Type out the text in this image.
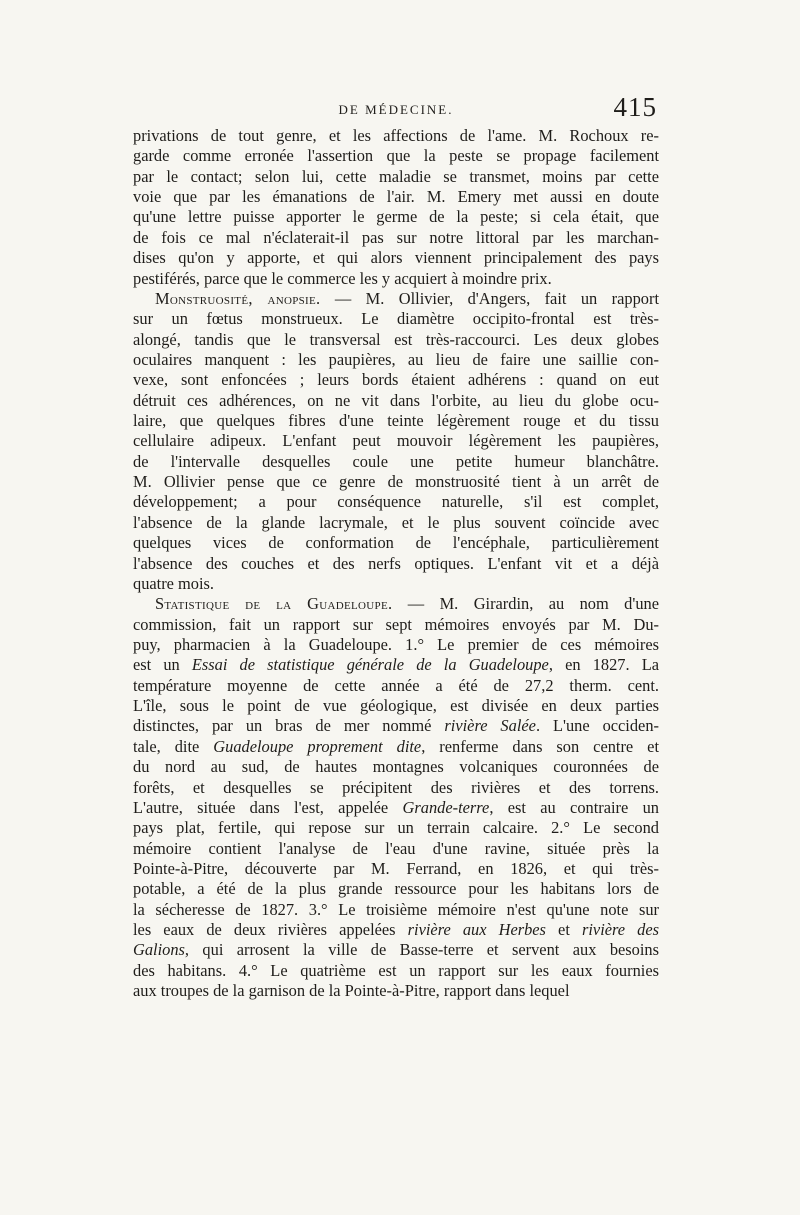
DE MÉDECINE.	415
privations de tout genre, et les affections de l'ame. M. Rochoux re-
garde comme erronée l'assertion que la peste se propage facilement
par le contact; selon lui, cette maladie se transmet, moins par cette
voie que par les émanations de l'air. M. Emery met aussi en doute
qu'une lettre puisse apporter le germe de la peste; si cela était, que
de fois ce mal n'éclaterait-il pas sur notre littoral par les marchan-
dises qu'on y apporte, et qui alors viennent principalement des pays
pestiférés, parce que le commerce les y acquiert à moindre prix.
Monstruosité, anopsie. — M. Ollivier, d'Angers, fait un rapport
sur un fœtus monstrueux. Le diamètre occipito-frontal est très-
alongé, tandis que le transversal est très-raccourci. Les deux globes
oculaires manquent : les paupières, au lieu de faire une saillie con-
vexe, sont enfoncées ; leurs bords étaient adhérens : quand on eut
détruit ces adhérences, on ne vit dans l'orbite, au lieu du globe ocu-
laire, que quelques fibres d'une teinte légèrement rouge et du tissu
cellulaire adipeux. L'enfant peut mouvoir légèrement les paupières,
de l'intervalle desquelles coule une petite humeur blanchâtre.
M. Ollivier pense que ce genre de monstruosité tient à un arrêt de
développement; a pour conséquence naturelle, s'il est complet,
l'absence de la glande lacrymale, et le plus souvent coïncide avec
quelques vices de conformation de l'encéphale, particulièrement
l'absence des couches et des nerfs optiques. L'enfant vit et a déjà
quatre mois.
Statistique de la Guadeloupe. — M. Girardin, au nom d'une
commission, fait un rapport sur sept mémoires envoyés par M. Du-
puy, pharmacien à la Guadeloupe. 1.° Le premier de ces mémoires
est un Essai de statistique générale de la Guadeloupe, en 1827. La
température moyenne de cette année a été de 27,2 therm. cent.
L'île, sous le point de vue géologique, est divisée en deux parties
distinctes, par un bras de mer nommé rivière Salée. L'une occiden-
tale, dite Guadeloupe proprement dite, renferme dans son centre et
du nord au sud, de hautes montagnes volcaniques couronnées de
forêts, et desquelles se précipitent des rivières et des torrens.
L'autre, située dans l'est, appelée Grande-terre, est au contraire un
pays plat, fertile, qui repose sur un terrain calcaire. 2.° Le second
mémoire contient l'analyse de l'eau d'une ravine, située près la
Pointe-à-Pitre, découverte par M. Ferrand, en 1826, et qui très-
potable, a été de la plus grande ressource pour les habitans lors de
la sécheresse de 1827. 3.° Le troisième mémoire n'est qu'une note sur
les eaux de deux rivières appelées rivière aux Herbes et rivière des
Galions, qui arrosent la ville de Basse-terre et servent aux besoins
des habitans. 4.° Le quatrième est un rapport sur les eaux fournies
aux troupes de la garnison de la Pointe-à-Pitre, rapport dans lequel
